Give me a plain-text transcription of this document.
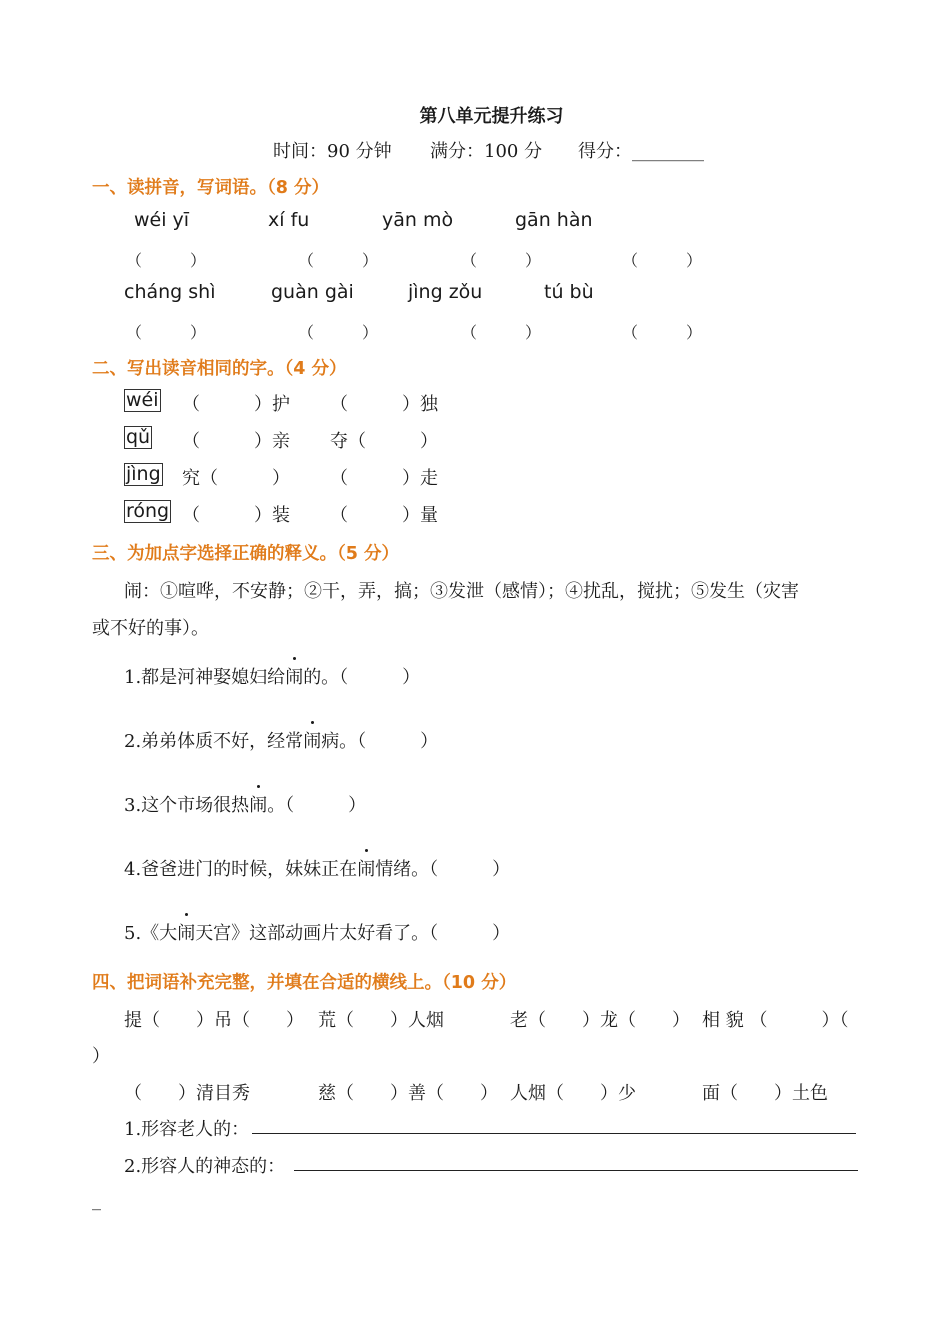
第八单元提升练习
时间：90 分钟 满分：100 分 得分：________
一、读拼音，写词语。（8 分）
wéi yī	xí fu	yān mò	gān hàn
（　　　）	（　　　）	（　　　）	（　　　）
cháng shì	guàn gài	jìng zǒu	tú bù
（　　　）	（　　　）	（　　　）	（　　　）
二、写出读音相同的字。（4 分）
wéi （　　　）护 （　　　）独
qǔ （　　　）亲 夺（　　　）
jìng 究（　　　） （　　　）走
róng （　　　）装 （　　　）量
三、为加点字选择正确的释义。（5 分）
闹：①喧哗，不安静；②干，弄，搞；③发泄（感情）；④扰乱，搅扰；⑤发生（灾害
或不好的事）。
1.都是河神娶媳妇给闹的。（　　　）
2.弟弟体质不好，经常闹病。（　　　）
3.这个市场很热闹。（　　　）
4.爸爸进门的时候，妹妹正在闹情绪。（　　　）
5.《大闹天宫》这部动画片太好看了。（　　　）
四、把词语补充完整，并填在合适的横线上。（10 分）
提（　　）吊（　　） 荒（　　）人烟	老（　　）龙（　　） 相 貌 （　　　）（
）
（　　）清目秀	慈（　　）善（　　） 人烟（　　）少	面（　　）土色
1.形容老人的：
2.形容人的神态的：
_
